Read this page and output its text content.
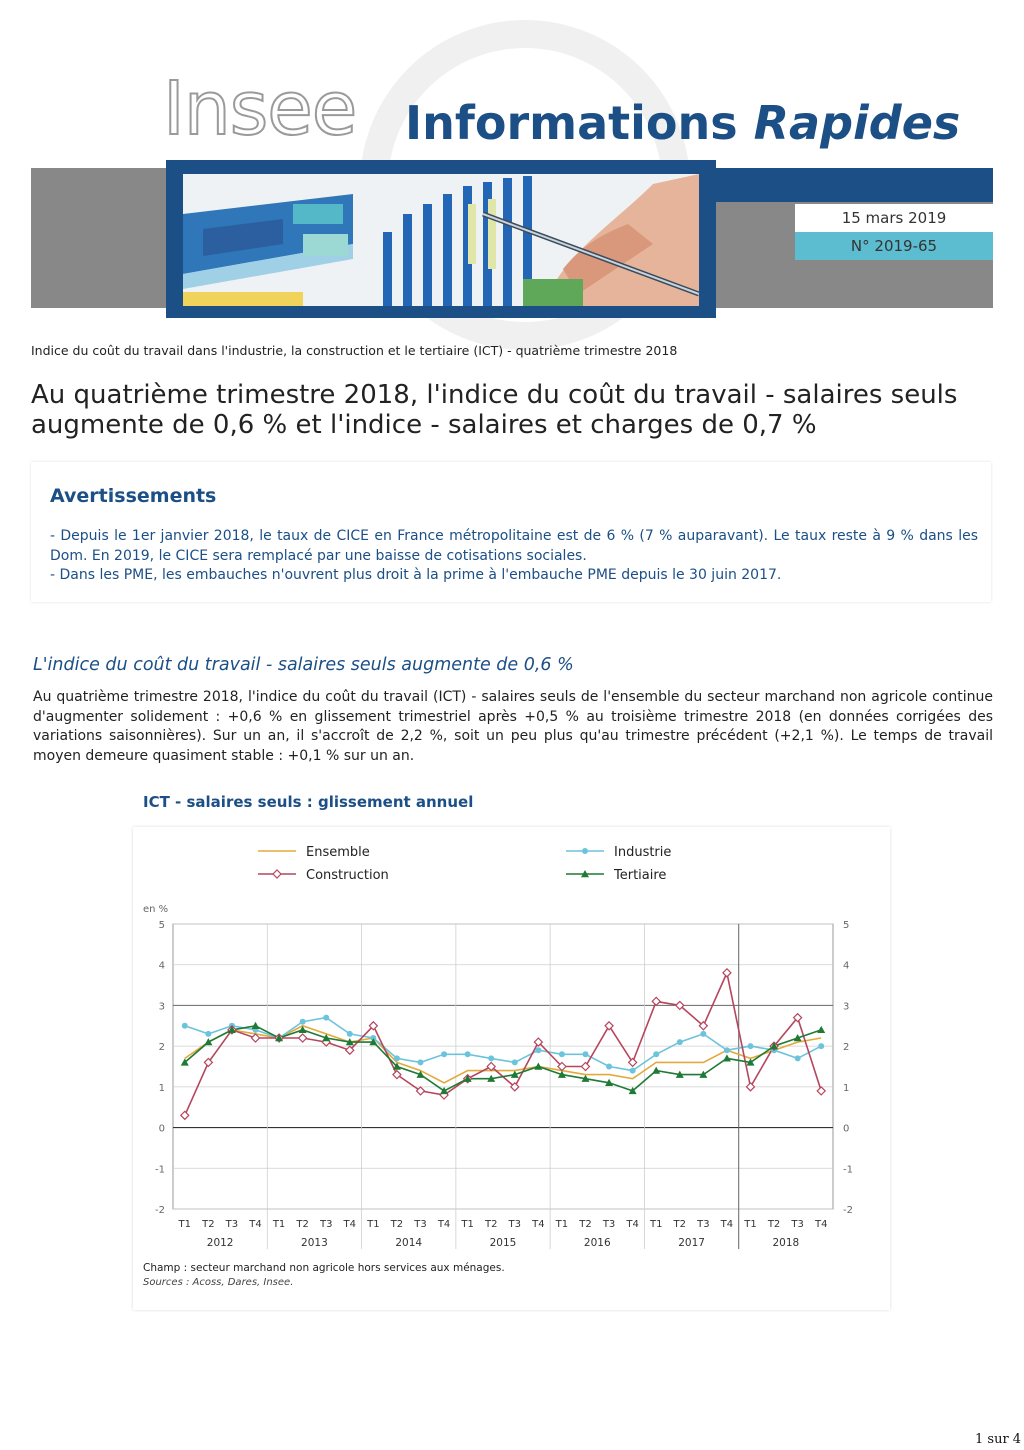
Insee Informations Rapides
15 mars 2019
N° 2019-65
Indice du coût du travail dans l'industrie, la construction et le tertiaire (ICT) - quatrième trimestre 2018
Au quatrième trimestre 2018, l'indice du coût du travail - salaires seuls augmente de 0,6 % et l'indice - salaires et charges de 0,7 %
Avertissements

- Depuis le 1er janvier 2018, le taux de CICE en France métropolitaine est de 6 % (7 % auparavant). Le taux reste à 9 % dans les Dom. En 2019, le CICE sera remplacé par une baisse de cotisations sociales.

- Dans les PME, les embauches n'ouvrent plus droit à la prime à l'embauche PME depuis le 30 juin 2017.

L'indice du coût du travail - salaires seuls augmente de 0,6 %
Au quatrième trimestre 2018, l'indice du coût du travail (ICT) - salaires seuls de l'ensemble du secteur marchand non agricole continue d'augmenter solidement : +0,6 % en glissement trimestriel après +0,5 % au troisième trimestre 2018 (en données corrigées des variations saisonnières). Sur un an, il s'accroît de 2,2 %, soit un peu plus qu'au trimestre précédent (+2,1 %). Le temps de travail moyen demeure quasiment stable : +0,1 % sur un an.
ICT - salaires seuls : glissement annuel
-2	-2
-1	-1
0	0
1	1
2	2
3	3
4	4
5	5
en %
T1 T2 T3 T4 T1 T2 T3 T4 T1 T2 T3 T4 T1 T2 T3 T4 T1 T2 T3 T4 T1 T2 T3 T4 T1 T2 T3 T4
2012	2013	2014	2015	2016	2017	2018
Ensemble	Industrie
Construction	Tertiaire
Champ : secteur marchand non agricole hors services aux ménages.
Sources : Acoss, Dares, Insee.
1 sur 4
